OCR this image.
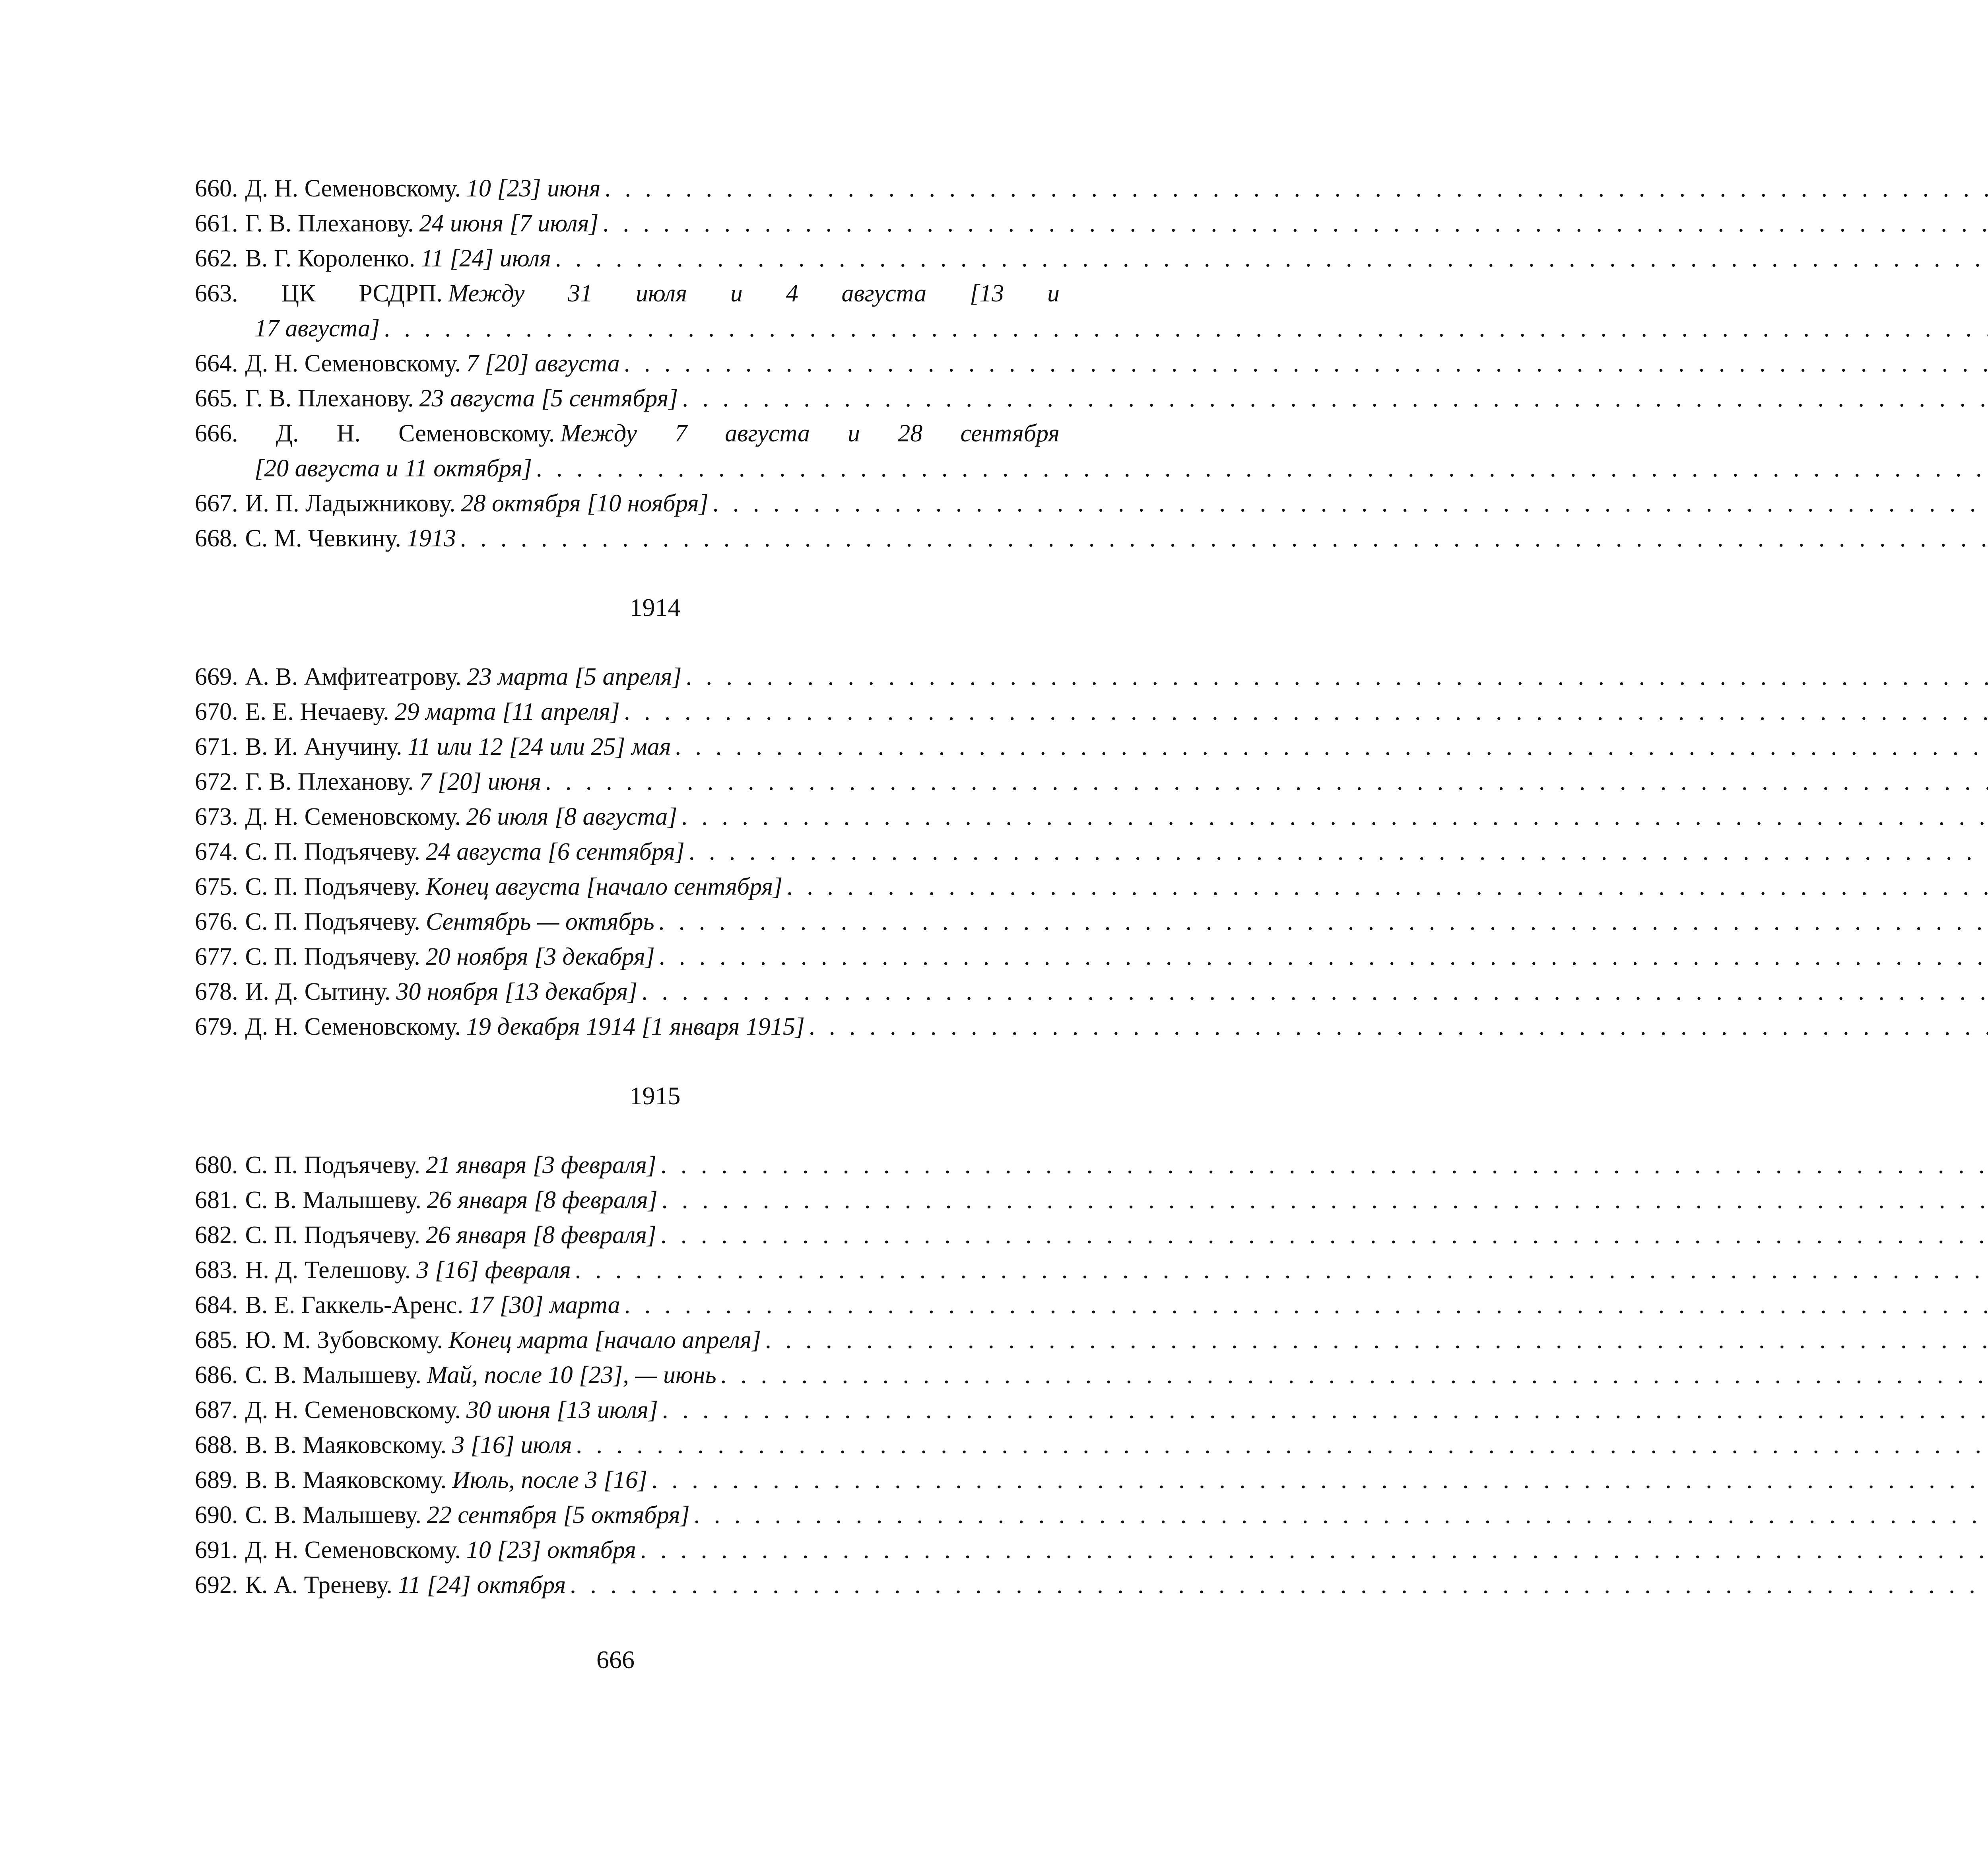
660. Д. Н. Семеновскому. 10 [23] июня
. . .
661. Г. В. Плеханову. 24 июня [7 июля]
. . .
662. В. Г. Короленко. 11 [24] июля
. . .
663. ЦК РСДРП. Между 31 июля и 4 августа [13 и
17 августа]
. . .
664. Д. Н. Семеновскому. 7 [20] августа
. . .
665. Г. В. Плеханову. 23 августа [5 сентября]
. . .
666. Д. Н. Семеновскому. Между 7 августа и 28 сентября
[20 августа и 11 октября]
. . .
667. И. П. Ладыжникову. 28 октября [10 ноября]
. . .
668. С. М. Чевкину. 1913
. . .
1914
669. А. В. Амфитеатрову. 23 марта [5 апреля]
. . .
670. Е. Е. Нечаеву. 29 марта [11 апреля]
. . .
671. В. И. Анучину. 11 или 12 [24 или 25] мая
. . .
672. Г. В. Плеханову. 7 [20] июня
. . .
673. Д. Н. Семеновскому. 26 июля [8 августа]
. . .
674. С. П. Подъячеву. 24 августа [6 сентября]
. . .
675. С. П. Подъячеву. Конец августа [начало сентября]
. . .
676. С. П. Подъячеву. Сентябрь — октябрь
. . .
677. С. П. Подъячеву. 20 ноября [3 декабря]
. . .
678. И. Д. Сытину. 30 ноября [13 декабря]
. . .
679. Д. Н. Семеновскому. 19 декабря 1914 [1 января 1915]
. . .
1915
680. С. П. Подъячеву. 21 января [3 февраля]
. . .
681. С. В. Малышеву. 26 января [8 февраля]
. . .
682. С. П. Подъячеву. 26 января [8 февраля]
. . .
683. Н. Д. Телешову. 3 [16] февраля
. . .
684. В. Е. Гаккель-Аренс. 17 [30] марта
. . .
685. Ю. М. Зубовскому. Конец марта [начало апреля]
. . .
686. С. В. Малышеву. Май, после 10 [23], — июнь
. . .
687. Д. Н. Семеновскому. 30 июня [13 июля]
. . .
688. В. В. Маяковскому. 3 [16] июля
. . .
689. В. В. Маяковскому. Июль, после 3 [16]
. . .
690. С. В. Малышеву. 22 сентября [5 октября]
. . .
691. Д. Н. Семеновскому. 10 [23] октября
. . .
692. К. А. Треневу. 11 [24] октября
. . .
666
